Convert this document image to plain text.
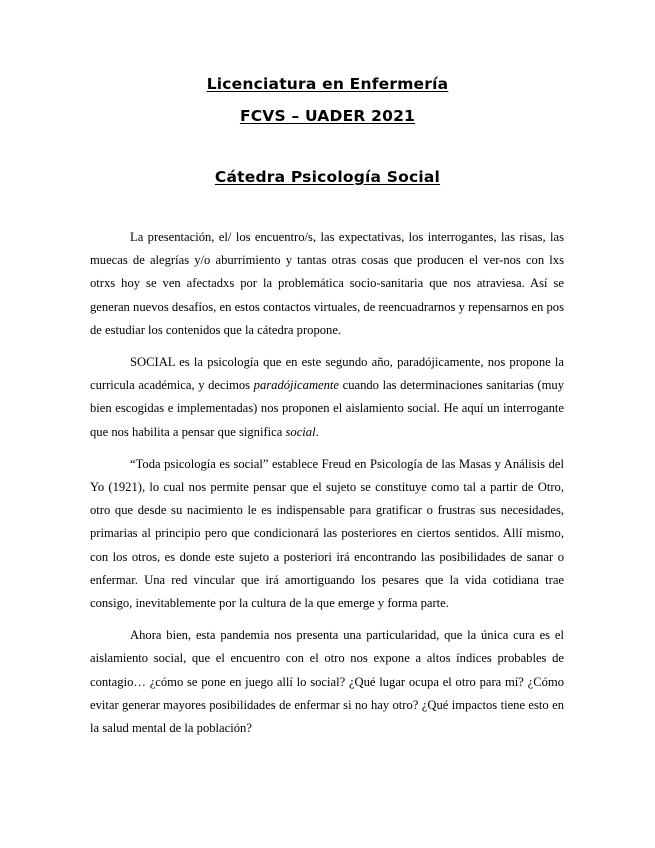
Licenciatura en Enfermería
FCVS – UADER 2021
Cátedra Psicología Social

La presentación, el/ los encuentro/s, las expectativas, los interrogantes, las risas, las muecas de alegrías y/o aburrimiento y tantas otras cosas que producen el ver-nos con lxs otrxs hoy se ven afectadxs por la problemática socio-sanitaria que nos atraviesa. Así se generan nuevos desafíos, en estos contactos virtuales, de reencuadrarnos y repensarnos en pos de estudiar los contenidos que la cátedra propone.

SOCIAL es la psicología que en este segundo año, paradójicamente, nos propone la curricula académica, y decimos paradójicamente cuando las determinaciones sanitarias (muy bien escogidas e implementadas) nos proponen el aislamiento social. He aquí un interrogante que nos habilita a pensar que significa social.

“Toda psicología es social” establece Freud en Psicología de las Masas y Análisis del Yo (1921), lo cual nos permite pensar que el sujeto se constituye como tal a partir de Otro, otro que desde su nacimiento le es indispensable para gratificar o frustras sus necesidades, primarias al principio pero que condicionará las posteriores en ciertos sentidos. Allí mismo, con los otros, es donde este sujeto a posteriori irá encontrando las posibilidades de sanar o enfermar. Una red vincular que irá amortiguando los pesares que la vida cotidiana trae consigo, inevitablemente por la cultura de la que emerge y forma parte.

Ahora bien, esta pandemia nos presenta una particularidad, que la única cura es el aislamiento social, que el encuentro con el otro nos expone a altos índices probables de contagio… ¿cómo se pone en juego allí lo social? ¿Qué lugar ocupa el otro para mí? ¿Cómo evitar generar mayores posibilidades de enfermar si no hay otro? ¿Qué impactos tiene esto en la salud mental de la población?
